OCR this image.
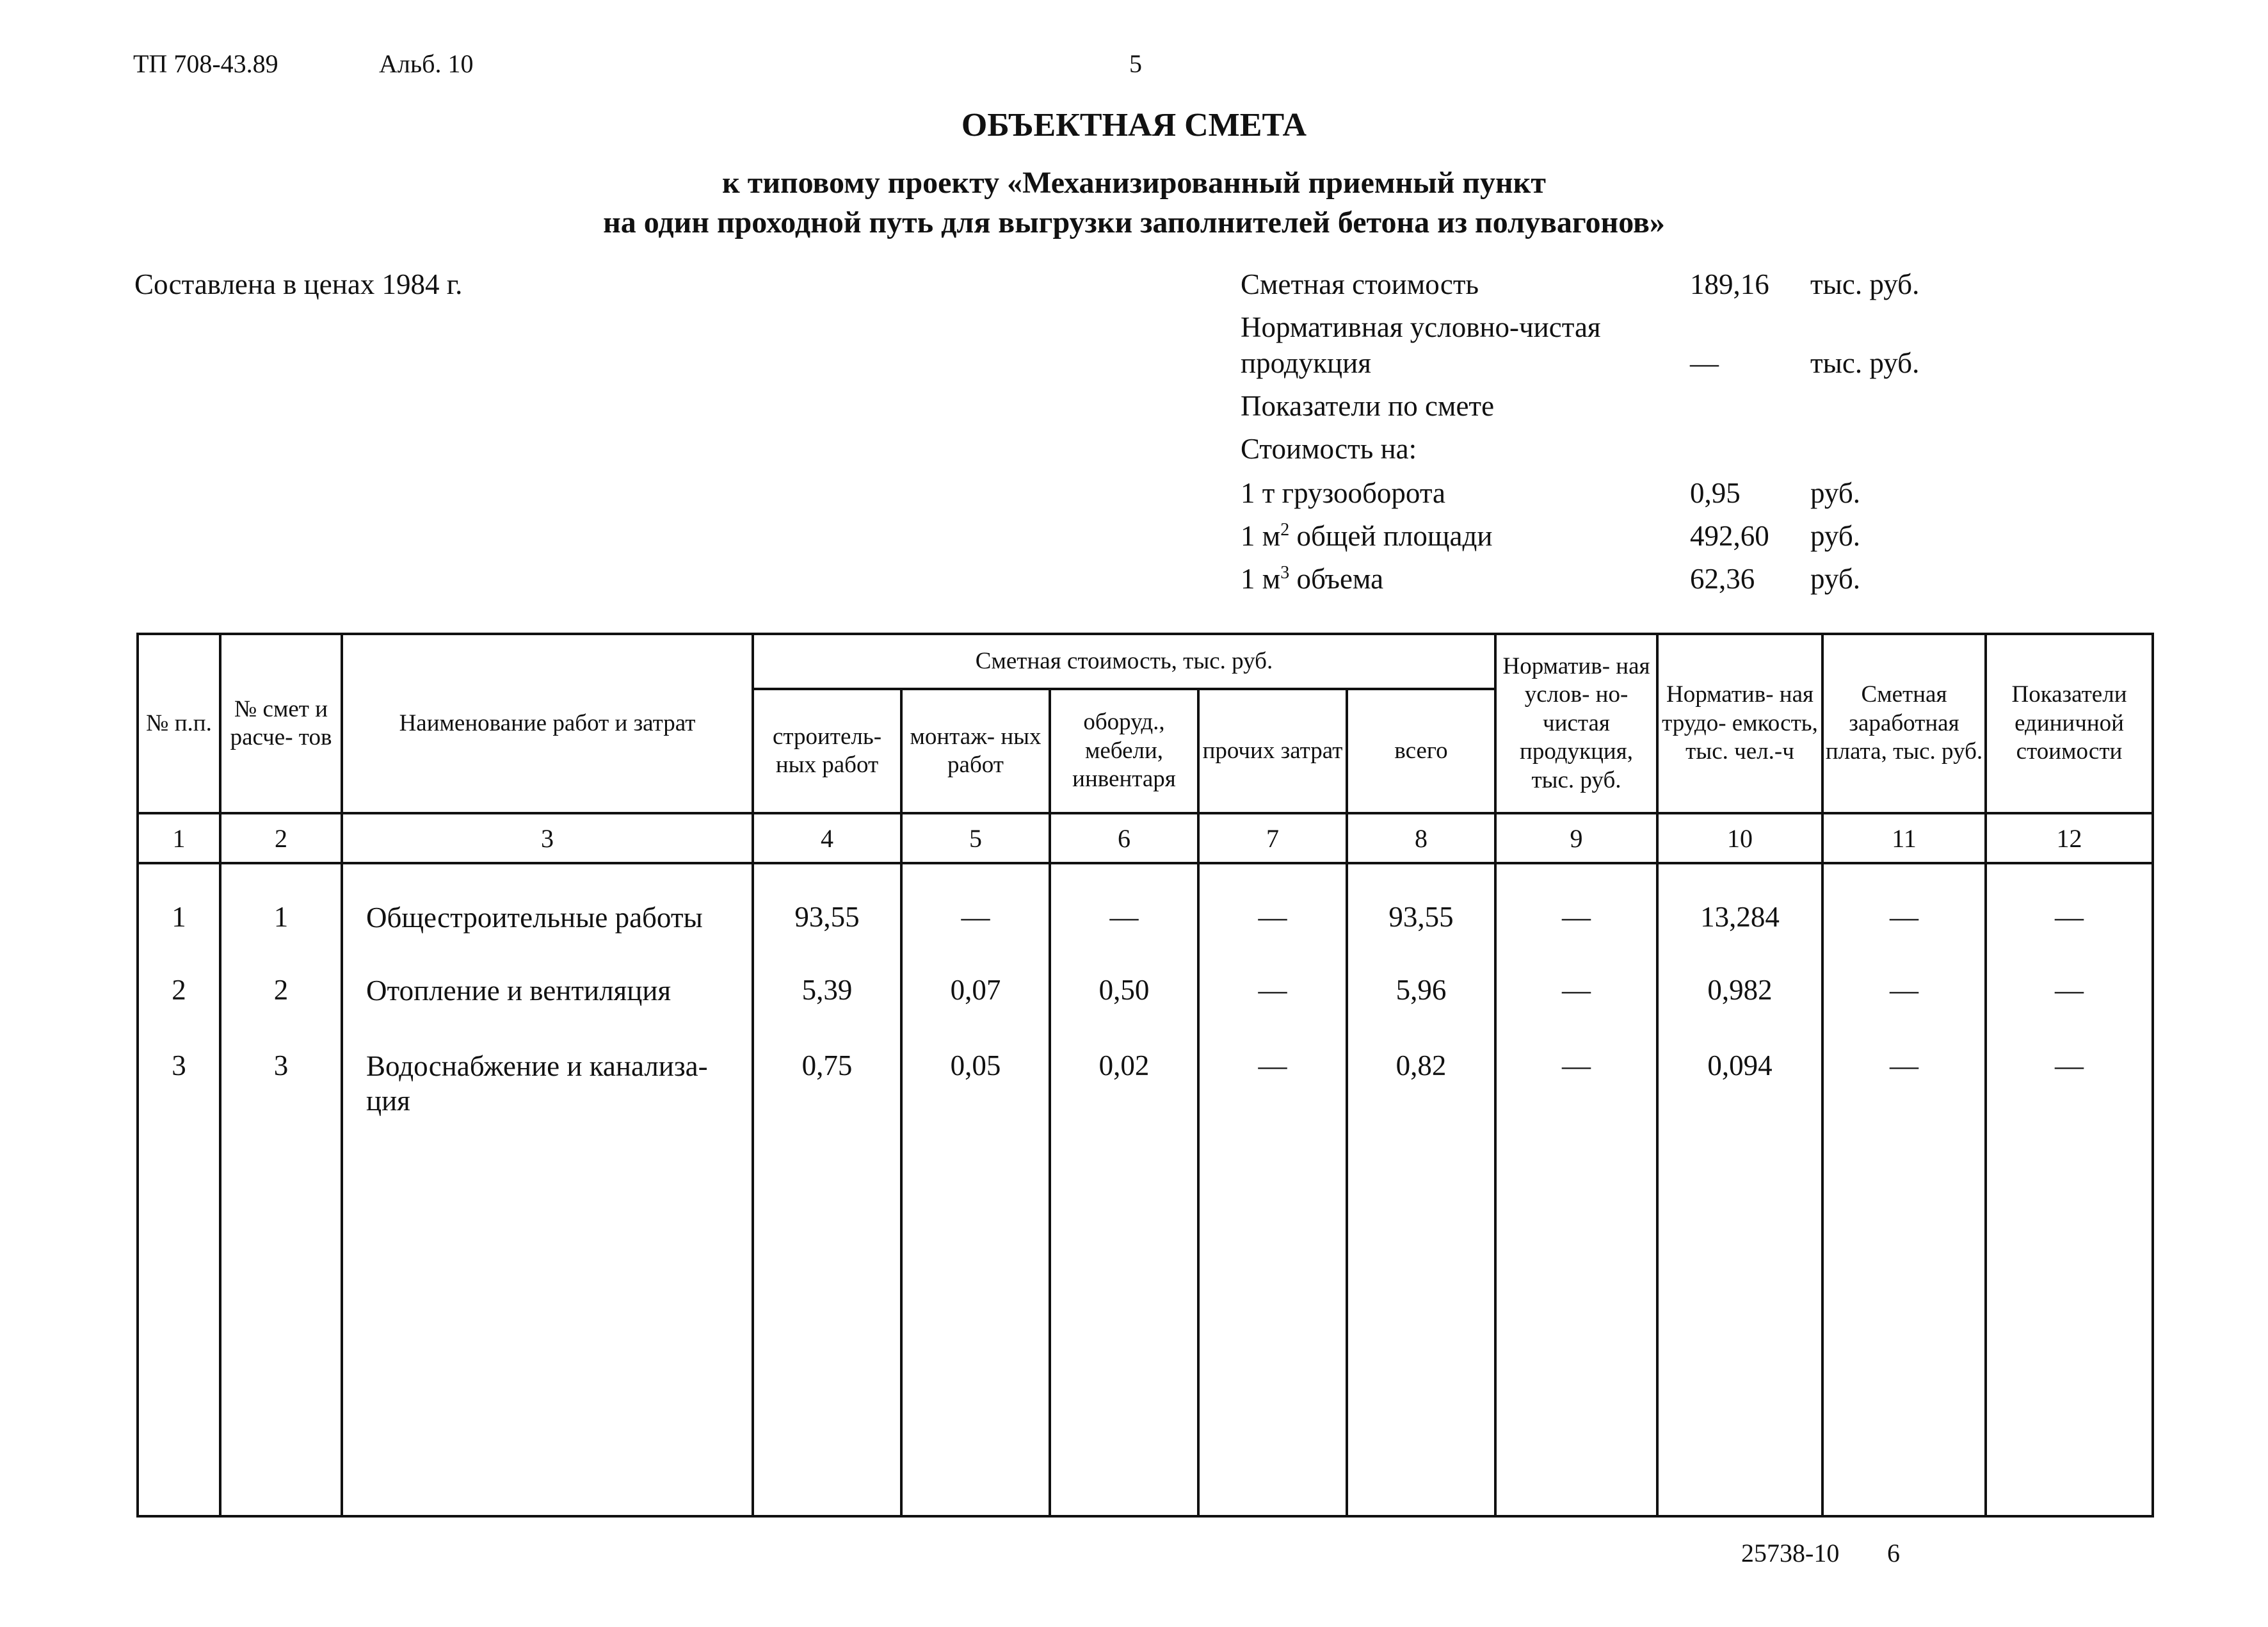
ТП 708-43.89	Альб. 10	5
ОБЪЕКТНАЯ СМЕТА
к типовому проекту «Механизированный приемный пункт
на один проходной путь для выгрузки заполнителей бетона из полувагонов»
Составлена в ценах 1984 г.	Сметная стоимость	189,16 тыс. руб.
Нормативная условно-чистая
продукция	—	тыс. руб.
Показатели по смете
Стоимость на:
1 т грузооборота	0,95 руб.
1 $м^2$ общей площади	492,60 руб.
1 $м^3$ объема	62,36 руб.
№ п.п.	№ смет и расче- тов	Наименование работ и затрат	Сметная стоимость, тыс. руб.					Норматив- ная услов- но-чистая продукция, тыс. руб.	Норматив- ная трудо- емкость, тыс. чел.-ч	Сметная заработная плата, тыс. руб.	Показатели единичной стоимости
			строитель- ных работ	монтаж- ных работ	оборуд., мебели, инвентаря	прочих затрат	всего				
1	2	3	4	5	6	7	8	9	10	11	12
1	1	Общестроительные работы	93,55	—	—	—	93,55	—	13,284	—	—
2	2	Отопление и вентиляция	5,39	0,07	0,50	—	5,96	—	0,982	—	—
3	3	Водоснабжение и канализа- ция	0,75	0,05	0,02	—	0,82	—	0,094	—	—

25738-10 6
